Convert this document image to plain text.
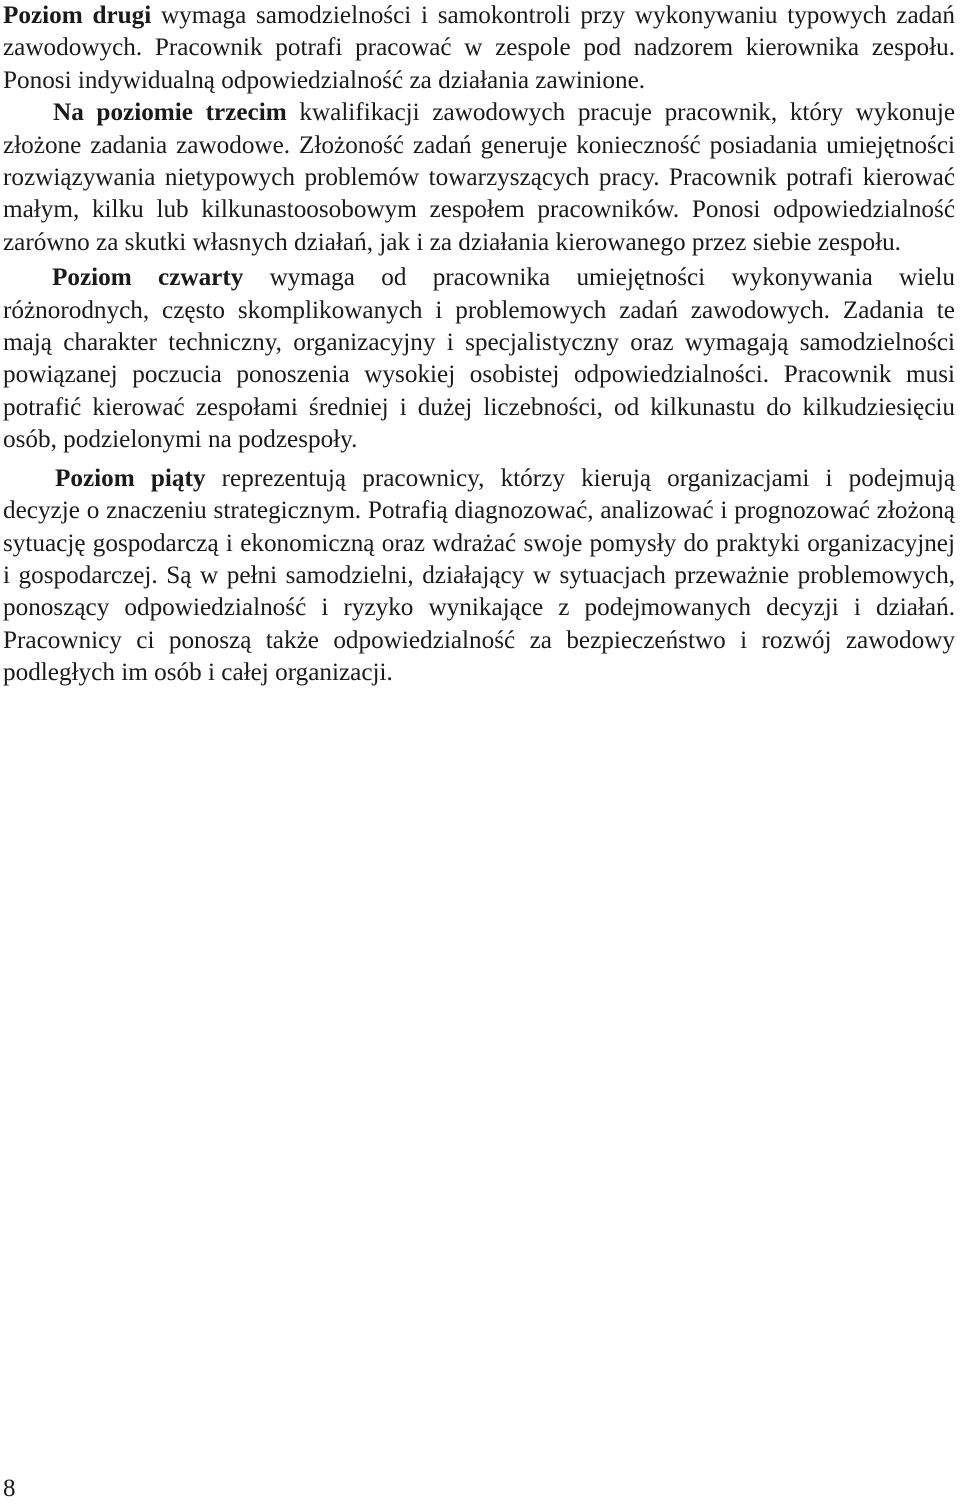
Poziom drugi wymaga samodzielności i samokontroli przy wykonywaniu typowych zadań zawodowych. Pracownik potrafi pracować w zespole pod nadzorem kierownika zespołu. Ponosi indywidualną odpowiedzialność za działania zawinione.

Na poziomie trzecim kwalifikacji zawodowych pracuje pracownik, który wykonuje złożone zadania zawodowe. Złożoność zadań generuje konieczność posiadania umiejętności rozwiązywania nietypowych problemów towarzyszących pracy. Pracownik potrafi kierować małym, kilku lub kilkunastoosobowym zespołem pracowników. Ponosi odpowiedzialność zarówno za skutki własnych działań, jak i za działania kierowanego przez siebie zespołu.

Poziom czwarty wymaga od pracownika umiejętności wykonywania wielu różnorodnych, często skomplikowanych i problemowych zadań zawodowych. Zadania te mają charakter techniczny, organizacyjny i specjalistyczny oraz wymagają samodzielności powiązanej poczucia ponoszenia wysokiej osobistej odpowiedzialności. Pracownik musi potrafić kierować zespołami średniej i dużej liczebności, od kilkunastu do kilkudziesięciu osób, podzielonymi na podzespoły.

Poziom piąty reprezentują pracownicy, którzy kierują organizacjami i podejmują decyzje o znaczeniu strategicznym. Potrafią diagnozować, analizować i prognozować złożoną sytuację gospodarczą i ekonomiczną oraz wdrażać swoje pomysły do praktyki organizacyjnej i gospodarczej. Są w pełni samodzielni, działający w sytuacjach przeważnie problemowych, ponoszący odpowiedzialność i ryzyko wynikające z podejmowanych decyzji i działań. Pracownicy ci ponoszą także odpowiedzialność za bezpieczeństwo i rozwój zawodowy podległych im osób i całej organizacji.

8
